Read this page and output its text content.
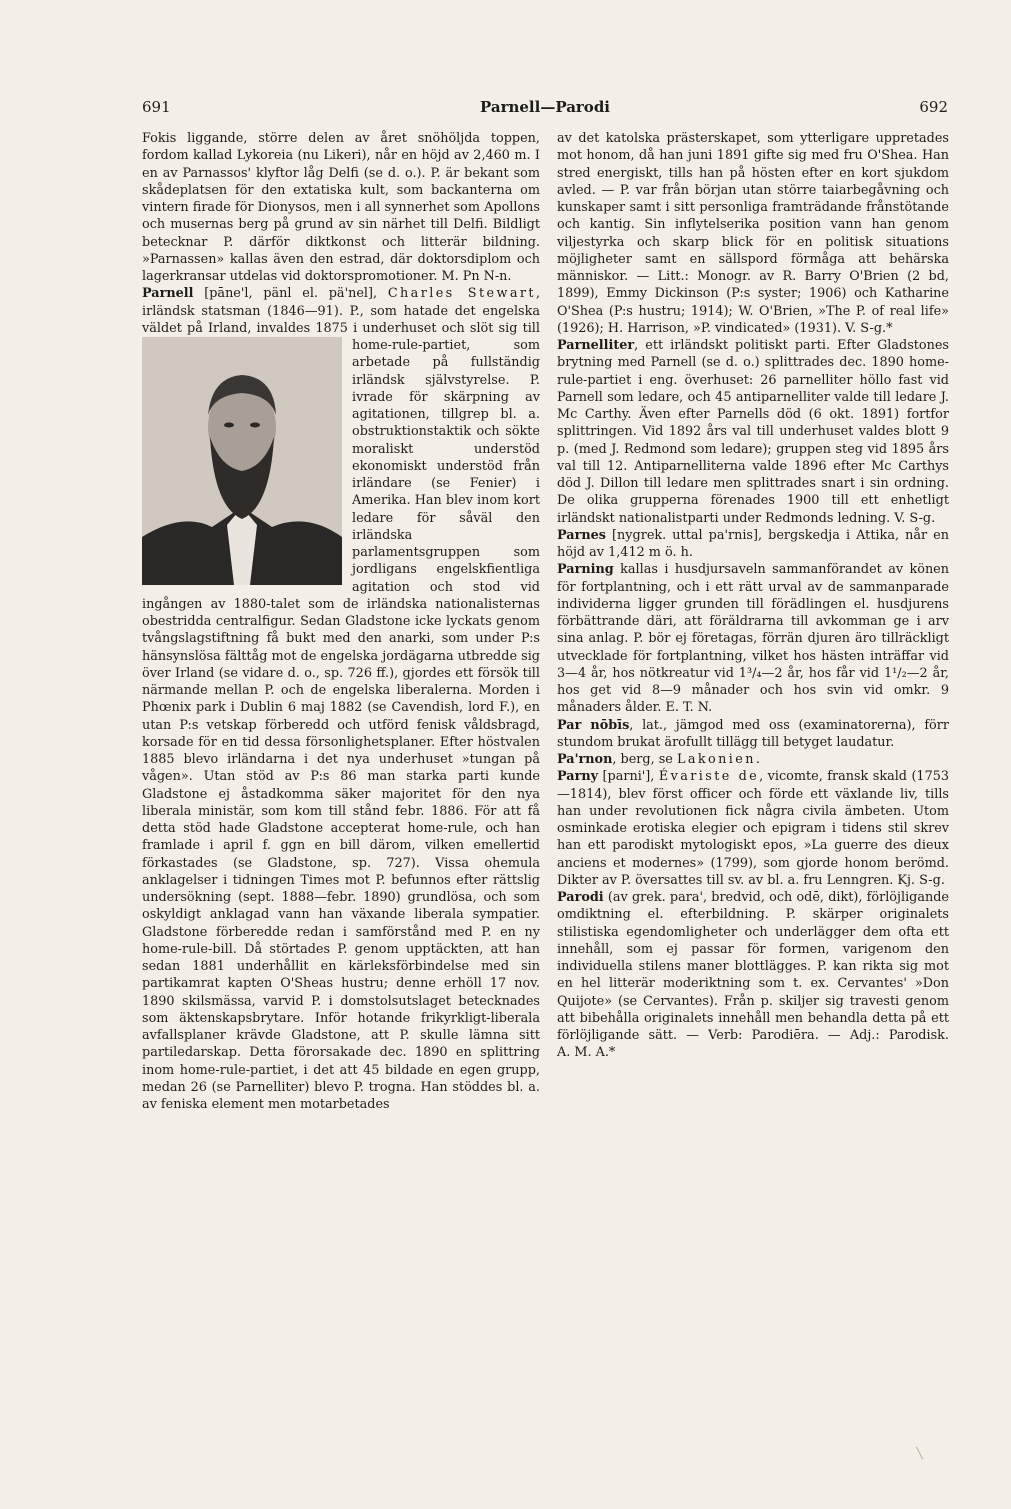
691	Parnell—Parodi	692

Fokis liggande, större delen av året snöhöljda toppen, fordom kallad Lykoreia (nu Likeri), når en höjd av 2,460 m. I en av Parnassos' klyftor låg Delfi (se d. o.). P. är bekant som skådeplatsen för den extatiska kult, som backanterna om vintern firade för Dionysos, men i all synnerhet som Apollons och musernas berg på grund av sin närhet till Delfi. Bildligt betecknar P. därför diktkonst och litterär bildning. »Parnassen» kallas även den estrad, där doktorsdiplom och lagerkransar utdelas vid doktorspromotioner. M. Pn N-n.

Parnell [pāne'l, pänl el. pä'nel], Charles Stewart, irländsk statsman (1846—91). P., som hatade det engelska väldet på Irland, invaldes 1875 i underhuset och slöt sig till
home-rule-partiet, som arbetade på fullständig irländsk självstyrelse. P. ivrade för skärpning av agitationen, tillgrep bl. a. obstruktionstaktik och sökte moraliskt understöd ekonomiskt understöd från irländare (se Fenier) i Amerika. Han blev inom kort ledare för såväl den irländska parlamentsgruppen som jordligans engelskfientliga agitation och stod vid ingången av 1880-talet som de irländska nationalisternas obestridda centralfigur. Sedan Gladstone icke lyckats genom tvångslagstiftning få bukt med den anarki, som under P:s hänsynslösa fälttåg mot de engelska jordägarna utbredde sig över Irland (se vidare d. o., sp. 726 ff.), gjordes ett försök till närmande mellan P. och de engelska liberalerna. Morden i Phœnix park i Dublin 6 maj 1882 (se Cavendish, lord F.), en utan P:s vetskap förberedd och utförd fenisk våldsbragd, korsade för en tid dessa försonlighetsplaner. Efter höstvalen 1885 blevo irländarna i det nya underhuset »tungan på vågen». Utan stöd av P:s 86 man starka parti kunde Gladstone ej åstadkomma säker majoritet för den nya liberala ministär, som kom till stånd febr. 1886. För att få detta stöd hade Gladstone accepterat home-rule, och han framlade i april f. ggn en bill därom, vilken emellertid förkastades (se Gladstone, sp. 727). Vissa ohemula anklagelser i tidningen Times mot P. befunnos efter rättslig undersökning (sept. 1888—febr. 1890) grundlösa, och som oskyldigt anklagad vann han växande liberala sympatier. Gladstone förberedde redan i samförstånd med P. en ny home-rule-bill. Då störtades P. genom upptäckten, att han sedan 1881 underhållit en kärleksförbindelse med sin partikamrat kapten O'Sheas hustru; denne erhöll 17 nov. 1890 skilsmässa, varvid P. i domstolsutslaget betecknades som äktenskapsbrytare. Inför hotande frikyrkligt-liberala avfallsplaner krävde Gladstone, att P. skulle lämna sitt partiledarskap. Detta förorsakade dec. 1890 en splittring inom home-rule-partiet, i det att 45 bildade en egen grupp, medan 26 (se Parnelliter) blevo P. trogna. Han stöddes bl. a. av feniska element men motarbetades

av det katolska prästerskapet, som ytterligare uppretades mot honom, då han juni 1891 gifte sig med fru O'Shea. Han stred energiskt, tills han på hösten efter en kort sjukdom avled. — P. var från början utan större taiarbegåvning och kunskaper samt i sitt personliga framträdande frånstötande och kantig. Sin inflytelserika position vann han genom viljestyrka och skarp blick för en politisk situations möjligheter samt en sällspord förmåga att behärska människor. — Litt.: Monogr. av R. Barry O'Brien (2 bd, 1899), Emmy Dickinson (P:s syster; 1906) och Katharine O'Shea (P:s hustru; 1914); W. O'Brien, »The P. of real life» (1926); H. Harrison, »P. vindicated» (1931). V. S-g.*

Parnelliter, ett irländskt politiskt parti. Efter Gladstones brytning med Parnell (se d. o.) splittrades dec. 1890 home-rule-partiet i eng. överhuset: 26 parnelliter höllo fast vid Parnell som ledare, och 45 antiparnelliter valde till ledare J. Mc Carthy. Även efter Parnells död (6 okt. 1891) fortfor splittringen. Vid 1892 års val till underhuset valdes blott 9 p. (med J. Redmond som ledare); gruppen steg vid 1895 års val till 12. Antiparnelliterna valde 1896 efter Mc Carthys död J. Dillon till ledare men splittrades snart i sin ordning. De olika grupperna förenades 1900 till ett enhetligt irländskt nationalistparti under Redmonds ledning. V. S-g.

Parnes [nygrek. uttal pa'rnis], bergskedja i Attika, når en höjd av 1,412 m ö. h.

Parning kallas i husdjursaveln sammanförandet av könen för fortplantning, och i ett rätt urval av de sammanparade individerna ligger grunden till förädlingen el. husdjurens förbättrande däri, att föräldrarna till avkomman ge i arv sina anlag. P. bör ej företagas, förrän djuren äro tillräckligt utvecklade för fortplantning, vilket hos hästen inträffar vid 3—4 år, hos nötkreatur vid 1³/₄—2 år, hos får vid 1¹/₂—2 år, hos get vid 8—9 månader och hos svin vid omkr. 9 månaders ålder. E. T. N.

Par nōbīs, lat., jämgod med oss (examinatorerna), förr stundom brukat ärofullt tillägg till betyget laudatur.

Pa'rnon, berg, se Lakonien.

Parny [parni'], Évariste de, vicomte, fransk skald (1753—1814), blev först officer och förde ett växlande liv, tills han under revolutionen fick några civila ämbeten. Utom osminkade erotiska elegier och epigram i tidens stil skrev han ett parodiskt mytologiskt epos, »La guerre des dieux anciens et modernes» (1799), som gjorde honom berömd. Dikter av P. översattes till sv. av bl. a. fru Lenngren. Kj. S-g.

Parodi (av grek. para', bredvid, och odē, dikt), förlöjligande omdiktning el. efterbildning. P. skärper originalets stilistiska egendomligheter och underlägger dem ofta ett innehåll, som ej passar för formen, varigenom den individuella stilens maner blottlägges. P. kan rikta sig mot en hel litterär moderiktning som t. ex. Cervantes' »Don Quijote» (se Cervantes). Från p. skiljer sig travesti genom att bibehålla originalets innehåll men behandla detta på ett förlöjligande sätt. — Verb: Parodiēra. — Adj.: Parodisk. A. M. A.*
